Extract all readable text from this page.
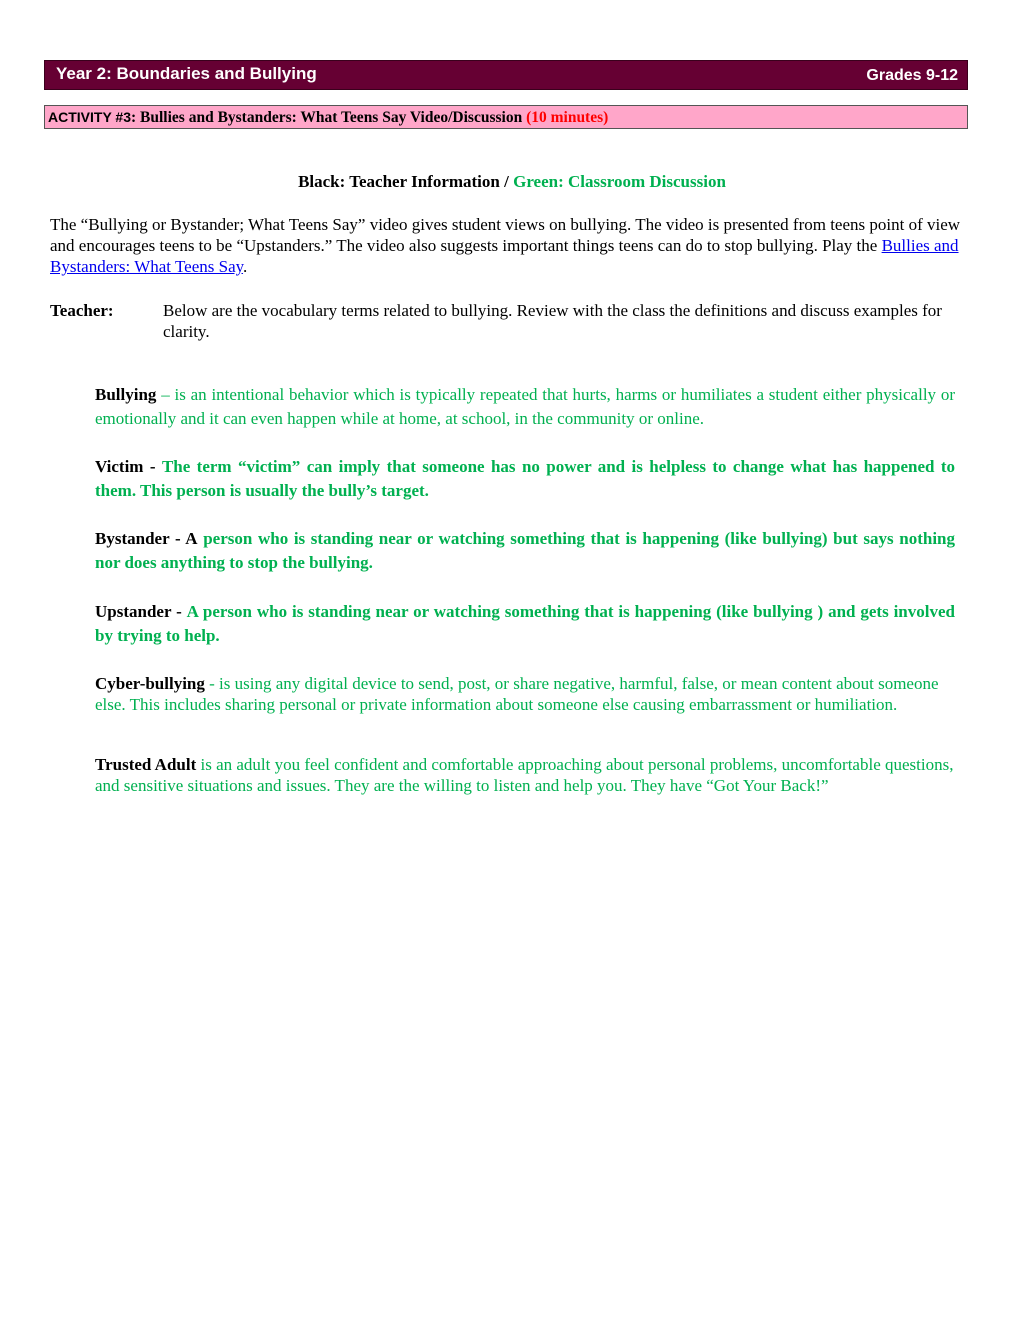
Year 2: Boundaries and Bullying	Grades 9-12
ACTIVITY #3: Bullies and Bystanders: What Teens Say Video/Discussion (10 minutes)
Black: Teacher Information / Green: Classroom Discussion
The “Bullying or Bystander; What Teens Say” video gives student views on bullying. The video is presented from teens point of view and encourages teens to be “Upstanders.” The video also suggests important things teens can do to stop bullying. Play the Bullies and Bystanders: What Teens Say.
Teacher:	Below are the vocabulary terms related to bullying. Review with the class the definitions and discuss examples for clarity.
Bullying – is an intentional behavior which is typically repeated that hurts, harms or humiliates a student either physically or emotionally and it can even happen while at home, at school, in the community or online.
Victim - The term “victim” can imply that someone has no power and is helpless to change what has happened to them. This person is usually the bully’s target.
Bystander - A person who is standing near or watching something that is happening (like bullying) but says nothing nor does anything to stop the bullying.
Upstander - A person who is standing near or watching something that is happening (like bullying ) and gets involved by trying to help.
Cyber-bullying - is using any digital device to send, post, or share negative, harmful, false, or mean content about someone else. This includes sharing personal or private information about someone else causing embarrassment or humiliation.
Trusted Adult is an adult you feel confident and comfortable approaching about personal problems, uncomfortable questions, and sensitive situations and issues. They are the willing to listen and help you. They have “Got Your Back!”
